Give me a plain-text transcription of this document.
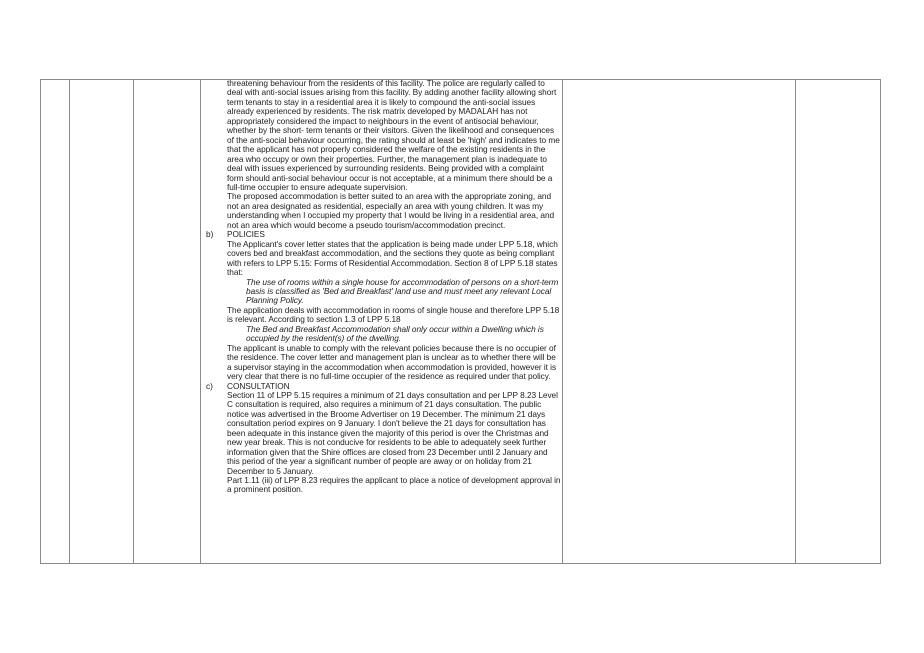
threatening behaviour from the residents of this facility. The police are regularly called to deal with anti-social issues arising from this facility. By adding another facility allowing short term tenants to stay in a residential area it is likely to compound the anti-social issues already experienced by residents. The risk matrix developed by MADALAH has not appropriately considered the impact to neighbours in the event of antisocial behaviour, whether by the short- term tenants or their visitors. Given the likelihood and consequences of the anti-social behaviour occurring, the rating should at least be 'high' and indicates to me that the applicant has not properly considered the welfare of the existing residents in the area who occupy or own their properties. Further, the management plan is inadequate to deal with issues experienced by surrounding residents. Being provided with a complaint form should anti-social behaviour occur is not acceptable, at a minimum there should be a full-time occupier to ensure adequate supervision.

The proposed accommodation is better suited to an area with the appropriate zoning, and not an area designated as residential, especially an area with young children. It was my understanding when I occupied my property that I would be living in a residential area, and not an area which would become a pseudo tourism/accommodation precinct.

b) POLICIES

The Applicant's cover letter states that the application is being made under LPP 5.18, which covers bed and breakfast accommodation, and the sections they quote as being compliant with refers to LPP 5.15: Forms of Residential Accommodation. Section 8 of LPP 5.18 states that:

The use of rooms within a single house for accommodation of persons on a short-term basis is classified as 'Bed and Breakfast' land use and must meet any relevant Local Planning Policy.

The application deals with accommodation in rooms of single house and therefore LPP 5.18 is relevant. According to section 1.3 of LPP 5.18

The Bed and Breakfast Accommodation shall only occur within a Dwelling which is occupied by the resident(s) of the dwelling.

The applicant is unable to comply with the relevant policies because there is no occupier of the residence. The cover letter and management plan is unclear as to whether there will be a supervisor staying in the accommodation when accommodation is provided, however it is very clear that there is no full-time occupier of the residence as required under that policy.

c) CONSULTATION

Section 11 of LPP 5.15 requires a minimum of 21 days consultation and per LPP 8.23 Level C consultation is required, also requires a minimum of 21 days consultation. The public notice was advertised in the Broome Advertiser on 19 December. The minimum 21 days consultation period expires on 9 January. I don't believe the 21 days for consultation has been adequate in this instance given the majority of this period is over the Christmas and new year break. This is not conducive for residents to be able to adequately seek further information given that the Shire offices are closed from 23 December until 2 January and this period of the year a significant number of people are away or on holiday from 21 December to 5 January.

Part 1.11 (iii) of LPP 8.23 requires the applicant to place a notice of development approval in a prominent position.
